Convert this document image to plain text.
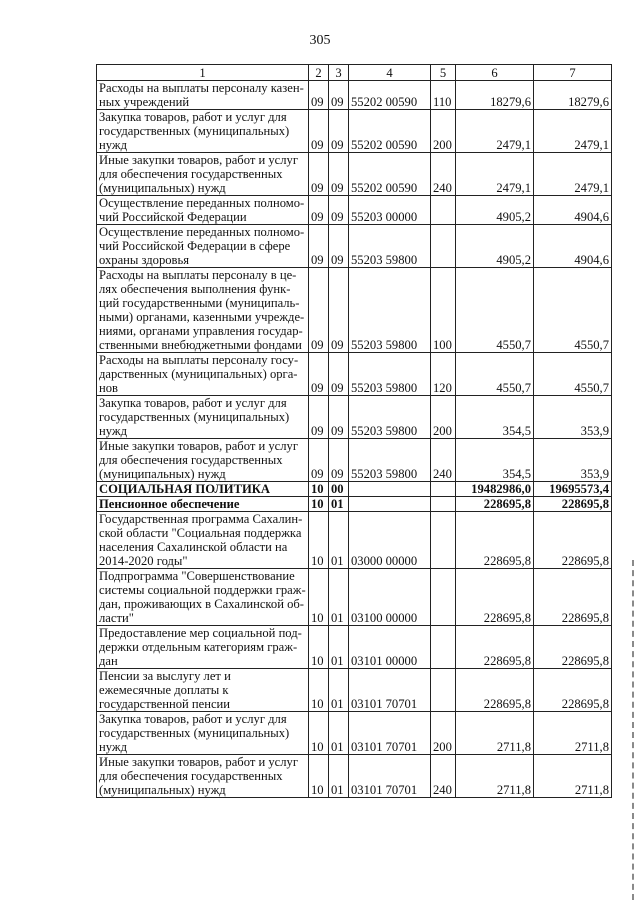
305
1	2	3	4	5	6	7
Расходы на выплаты персоналу казен-ных учреждений	09	09	55202 00590	110	18279,6	18279,6
Закупка товаров, работ и услуг для государственных (муниципальных) нужд	09	09	55202 00590	200	2479,1	2479,1
Иные закупки товаров, работ и услуг для обеспечения государственных (муниципальных) нужд	09	09	55202 00590	240	2479,1	2479,1
Осуществление переданных полномо-чий Российской Федерации	09	09	55203 00000		4905,2	4904,6
Осуществление переданных полномо-чий Российской Федерации в сфере охраны здоровья	09	09	55203 59800		4905,2	4904,6
Расходы на выплаты персоналу в це-лях обеспечения выполнения функ-ций государственными (муниципаль-ными) органами, казенными учрежде-ниями, органами управления государ-ственными внебюджетными фондами	09	09	55203 59800	100	4550,7	4550,7
Расходы на выплаты персоналу госу-дарственных (муниципальных) орга-нов	09	09	55203 59800	120	4550,7	4550,7
Закупка товаров, работ и услуг для государственных (муниципальных) нужд	09	09	55203 59800	200	354,5	353,9
Иные закупки товаров, работ и услуг для обеспечения государственных (муниципальных) нужд	09	09	55203 59800	240	354,5	353,9
СОЦИАЛЬНАЯ ПОЛИТИКА	10	00			19482986,0	19695573,4
Пенсионное обеспечение	10	01			228695,8	228695,8
Государственная программа Сахалин-ской области "Социальная поддержка населения Сахалинской области на 2014-2020 годы"	10	01	03000 00000		228695,8	228695,8
Подпрограмма "Совершенствование системы социальной поддержки граж-дан, проживающих в Сахалинской об-ласти"	10	01	03100 00000		228695,8	228695,8
Предоставление мер социальной под-держки отдельным категориям граж-дан	10	01	03101 00000		228695,8	228695,8
Пенсии за выслугу лет и ежемесячные доплаты к государственной пенсии	10	01	03101 70701		228695,8	228695,8
Закупка товаров, работ и услуг для государственных (муниципальных) нужд	10	01	03101 70701	200	2711,8	2711,8
Иные закупки товаров, работ и услуг для обеспечения государственных (муниципальных) нужд	10	01	03101 70701	240	2711,8	2711,8
